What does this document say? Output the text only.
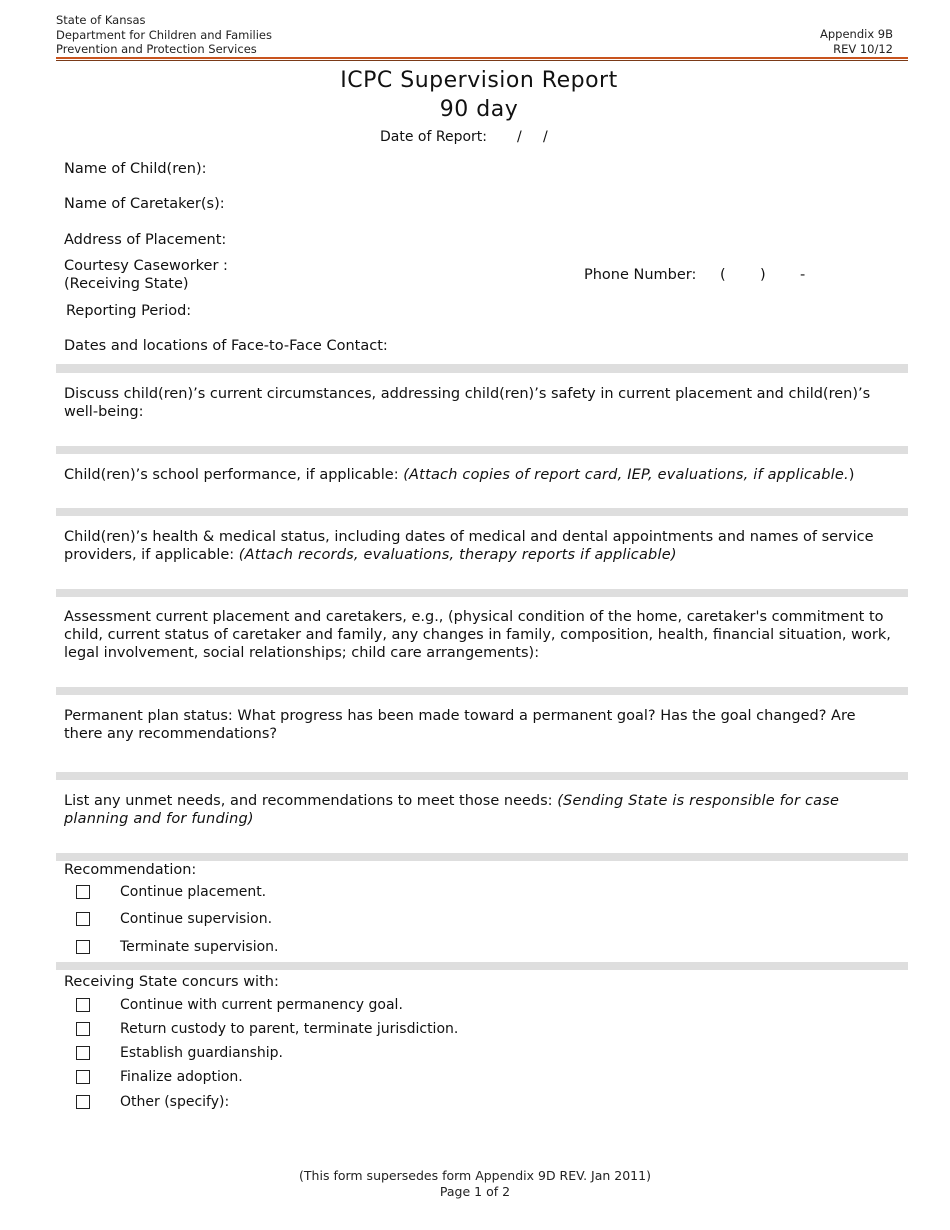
State of Kansas
Department for Children and Families
Prevention and Protection Services
Appendix 9B
REV 10/12
ICPC Supervision Report
90 day
Date of Report: / /
Name of Child(ren):
Name of Caretaker(s):
Address of Placement:
Courtesy Caseworker :
(Receiving State)
Phone Number: ( ) -
Reporting Period:
Dates and locations of Face-to-Face Contact:
Discuss child(ren)’s current circumstances, addressing child(ren)’s safety in current placement and child(ren)’s well-being:
Child(ren)’s school performance, if applicable: (Attach copies of report card, IEP, evaluations, if applicable.)
Child(ren)’s health & medical status, including dates of medical and dental appointments and names of service providers, if applicable: (Attach records, evaluations, therapy reports if applicable)
Assessment current placement and caretakers, e.g., (physical condition of the home, caretaker's commitment to child, current status of caretaker and family, any changes in family, composition, health, financial situation, work, legal involvement, social relationships; child care arrangements):
Permanent plan status: What progress has been made toward a permanent goal? Has the goal changed? Are there any recommendations?
List any unmet needs, and recommendations to meet those needs: (Sending State is responsible for case planning and for funding)
Recommendation:
Continue placement.
Continue supervision.
Terminate supervision.
Receiving State concurs with:
Continue with current permanency goal.
Return custody to parent, terminate jurisdiction.
Establish guardianship.
Finalize adoption.
Other (specify):
(This form supersedes form Appendix 9D REV. Jan 2011)
Page 1 of 2
